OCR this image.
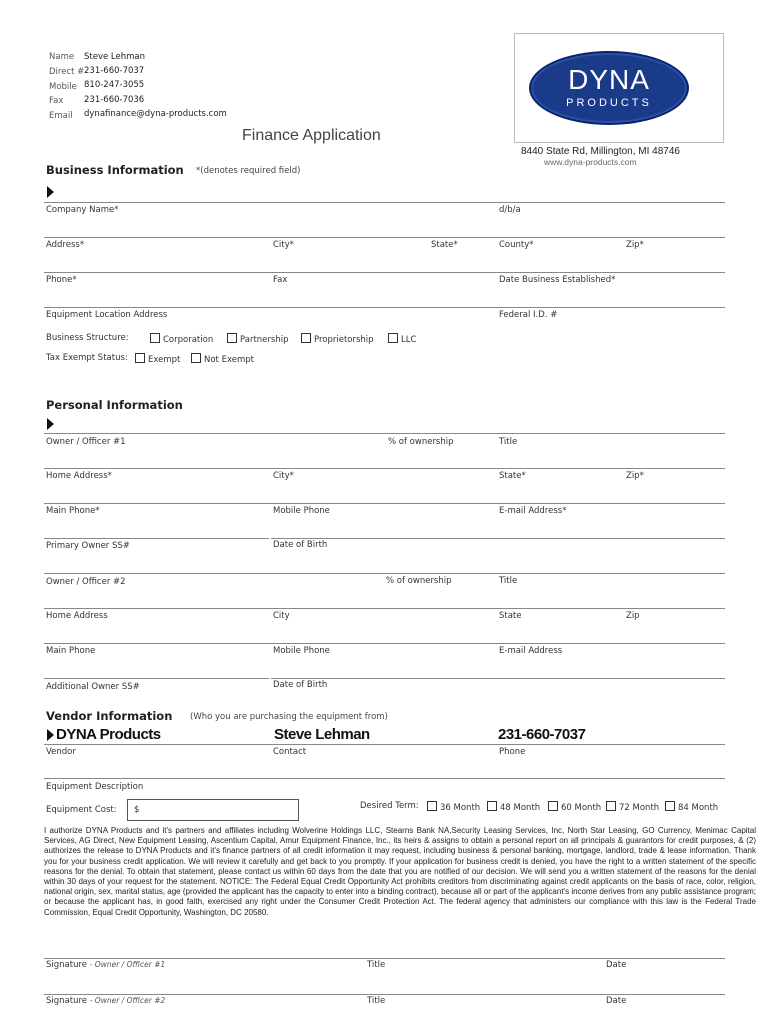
Name Steve Lehman
Direct # 231-660-7037
Mobile 810-247-3055
Fax 231-660-7036
Email dynafinance@dyna-products.com
DYNA
PRODUCTS
Finance Application
8440 State Rd, Millington, MI 48746
www.dyna-products.com
Business Information *(denotes required field)
Company Name*	d/b/a
Address*	City*	State*	County*	Zip*
Phone*	Fax	Date Business Established*
Equipment Location Address	Federal I.D. #
Business Structure:	Corporation	Partnership	Proprietorship	LLC
Tax Exempt Status:	Exempt	Not Exempt
Personal Information
Owner / Officer #1	% of ownership	Title
Home Address*	City*	State*	Zip*
Main Phone*	Mobile Phone	E-mail Address*
Primary Owner SS#	Date of Birth
Owner / Officer #2	% of ownership	Title
Home Address	City	State	Zip
Main Phone	Mobile Phone	E-mail Address
Additional Owner SS#	Date of Birth
Vendor Information (Who you are purchasing the equipment from)
DYNA Products	Steve Lehman	231-660-7037
Vendor	Contact	Phone
Equipment Description
Equipment Cost: $	Desired Term:	36 Month	48 Month	60 Month	72 Month	84 Month
I authorize DYNA Products and it's partners and affiliates including Wolverine Holdings LLC, Stearns Bank NA,Security Leasing Services, Inc, North Star Leasing, GO Currency, Menimac Capital Services, AG Direct, New Equipment Leasing, Ascentium Capital, Amur Equipment Finance, Inc., its heirs & assigns to obtain a personal report on all principals & guarantors for credit purposes, & (2) authorizes the release to DYNA Products and it's finance partners of all credit information it may request, including business & personal banking, mortgage, landlord, trade & lease information. Thank you for your business credit application. We will review it carefully and get back to you promptly. If your application for business credit is denied, you have the right to a written statement of the specific reasons for the denial. To obtain that statement, please contact us within 60 days from the date that you are notified of our decision. We will send you a written statement of the reasons for the denial within 30 days of your request for the statement. NOTICE: The Federal Equal Credit Opportunity Act prohibits creditors from discriminating against credit applicants on the basis of race, color, religion, national origin, sex, marital status, age (provided the applicant has the capacity to enter into a binding contract), because all or part of the applicant's income derives from any public assistance program; or because the applicant has, in good faith, exercised any right under the Consumer Credit Protection Act. The federal agency that administers our compliance with this law is the Federal Trade Commission, Equal Credit Opportunity, Washington, DC 20580.
Signature - Owner / Officer #1	Title	Date
Signature - Owner / Officer #2	Title	Date
